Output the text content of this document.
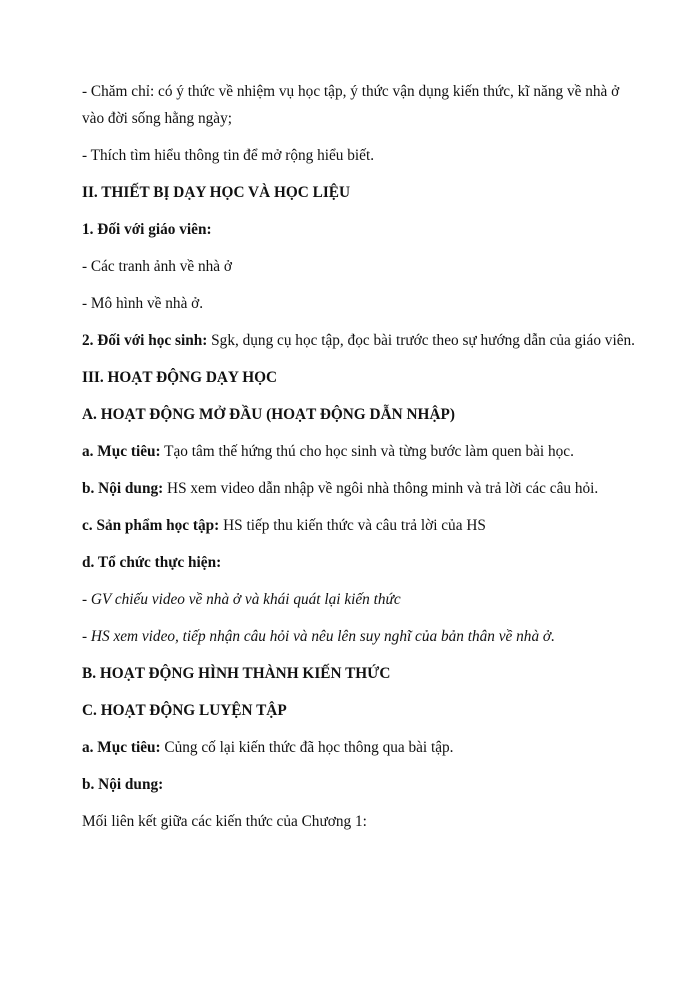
- Chăm chỉ: có ý thức về nhiệm vụ học tập, ý thức vận dụng kiến thức, kĩ năng về nhà ở vào đời sống hằng ngày;

- Thích tìm hiểu thông tin để mở rộng hiểu biết.

II. THIẾT BỊ DẠY HỌC VÀ HỌC LIỆU

1. Đối với giáo viên:

- Các tranh ảnh về nhà ở

- Mô hình về nhà ở.

2. Đối với học sinh: Sgk, dụng cụ học tập, đọc bài trước theo sự hướng dẫn của giáo viên.

III. HOẠT ĐỘNG DẠY HỌC

A. HOẠT ĐỘNG MỞ ĐẦU (HOẠT ĐỘNG DẪN NHẬP)

a. Mục tiêu: Tạo tâm thế hứng thú cho học sinh và từng bước làm quen bài học.

b. Nội dung: HS xem video dẫn nhập về ngôi nhà thông minh và trả lời các câu hỏi.

c. Sản phẩm học tập: HS tiếp thu kiến thức và câu trả lời của HS

d. Tổ chức thực hiện:

- GV chiếu video về nhà ở và khái quát lại kiến thức

- HS xem video, tiếp nhận câu hỏi và nêu lên suy nghĩ của bản thân về nhà ở.

B. HOẠT ĐỘNG HÌNH THÀNH KIẾN THỨC

C. HOẠT ĐỘNG LUYỆN TẬP

a. Mục tiêu: Củng cố lại kiến thức đã học thông qua bài tập.

b. Nội dung:

Mối liên kết giữa các kiến thức của Chương 1:
